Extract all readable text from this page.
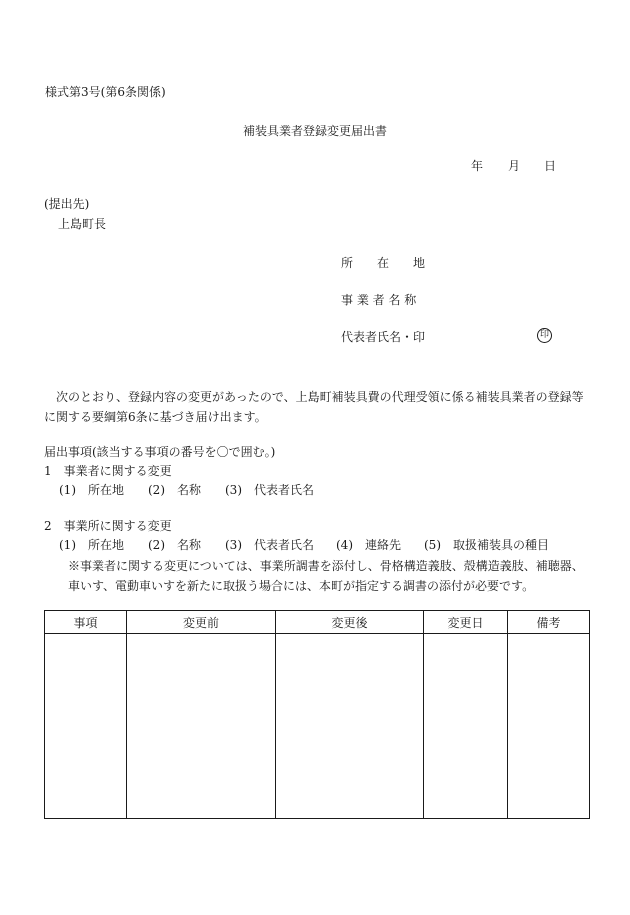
様式第3号(第6条関係)
補装具業者登録変更届出書
年 月 日
(提出先)
上島町長
所　　在　　地
事 業 者 名 称
代表者氏名・印	印
　次のとおり、登録内容の変更があったので、上島町補装具費の代理受領に係る補装具業者の登録等に関する要綱第6条に基づき届け出ます。
届出事項(該当する事項の番号を〇で囲む。)
1　事業者に関する変更
(1)　所在地 (2)　名称 (3)　代表者氏名
2　事業所に関する変更
(1)　所在地 (2)　名称 (3)　代表者氏名 (4)　連絡先 (5)　取扱補装具の種目
※事業者に関する変更については、事業所調書を添付し、骨格構造義肢、殻構造義肢、補聴器、車いす、電動車いすを新たに取扱う場合には、本町が指定する調書の添付が必要です。
事項	変更前	変更後	変更日	備考
